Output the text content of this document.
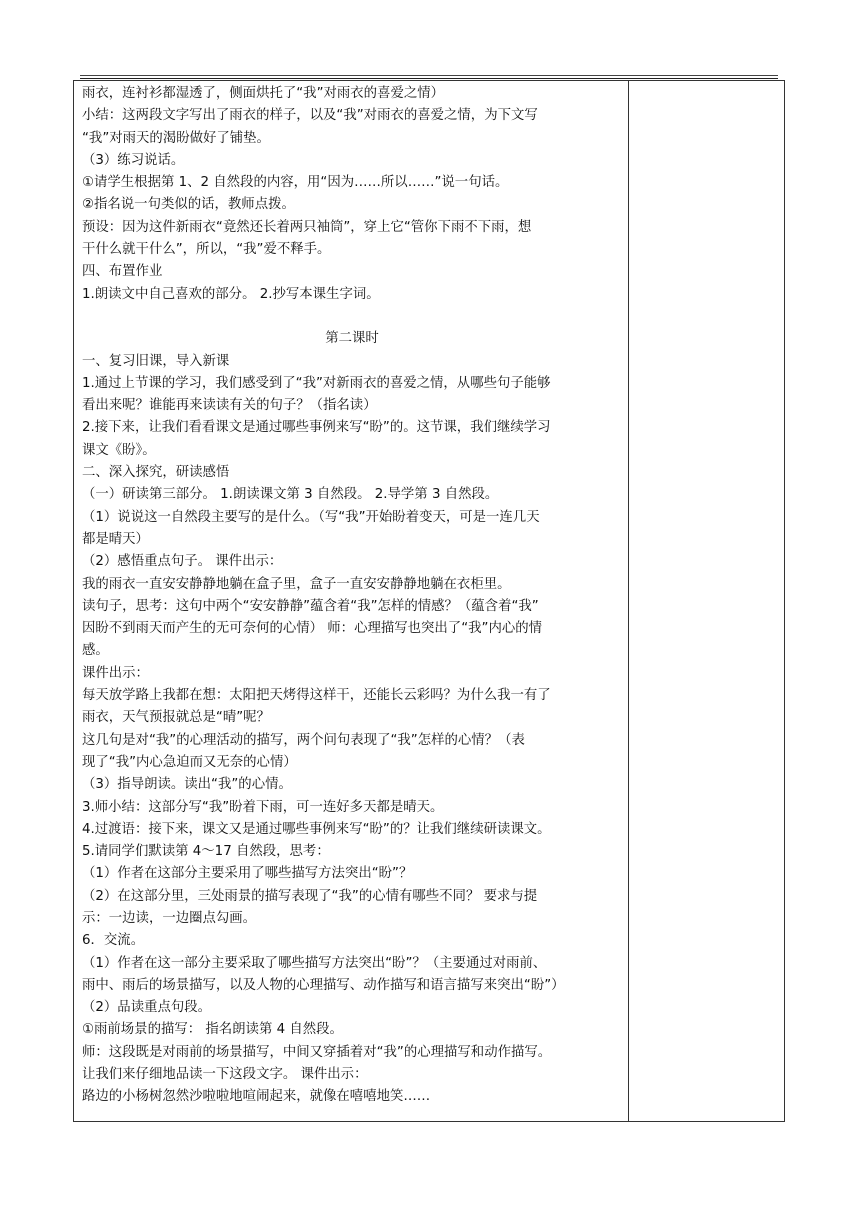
雨衣，连衬衫都湿透了，侧面烘托了“我”对雨衣的喜爱之情）

小结：这两段文字写出了雨衣的样子，以及“我”对雨衣的喜爱之情，为下文写

“我”对雨天的渴盼做好了铺垫。

（3）练习说话。

①请学生根据第 1、2 自然段的内容，用“因为……所以……”说一句话。

②指名说一句类似的话，教师点拨。

预设：因为这件新雨衣“竟然还长着两只袖筒”，穿上它“管你下雨不下雨，想

干什么就干什么”，所以，“我”爱不释手。

四、布置作业

1.朗读文中自己喜欢的部分。 2.抄写本课生字词。

第二课时

一、复习旧课，导入新课

1.通过上节课的学习，我们感受到了“我”对新雨衣的喜爱之情，从哪些句子能够

看出来呢？谁能再来读读有关的句子？（指名读）

2.接下来，让我们看看课文是通过哪些事例来写“盼”的。这节课，我们继续学习

课文《盼》。

二、深入探究，研读感悟

（一）研读第三部分。 1.朗读课文第 3 自然段。 2.导学第 3 自然段。

（1）说说这一自然段主要写的是什么。（写“我”开始盼着变天，可是一连几天

都是晴天）

（2）感悟重点句子。 课件出示：

我的雨衣一直安安静静地躺在盒子里，盒子一直安安静静地躺在衣柜里。

读句子，思考：这句中两个“安安静静”蕴含着“我”怎样的情感？（蕴含着“我”

因盼不到雨天而产生的无可奈何的心情） 师：心理描写也突出了“我”内心的情

感。

课件出示：

每天放学路上我都在想：太阳把天烤得这样干，还能长云彩吗？为什么我一有了

雨衣，天气预报就总是“晴”呢？

这几句是对“我”的心理活动的描写，两个问句表现了“我”怎样的心情？（表

现了“我”内心急迫而又无奈的心情）

（3）指导朗读。读出“我”的心情。

3.师小结：这部分写“我”盼着下雨，可一连好多天都是晴天。

4.过渡语：接下来，课文又是通过哪些事例来写“盼”的？让我们继续研读课文。

5.请同学们默读第 4～17 自然段，思考：

（1）作者在这部分主要采用了哪些描写方法突出“盼”？

（2）在这部分里，三处雨景的描写表现了“我”的心情有哪些不同？ 要求与提

示：一边读，一边圈点勾画。

6．交流。

（1）作者在这一部分主要采取了哪些描写方法突出“盼”？（主要通过对雨前、

雨中、雨后的场景描写，以及人物的心理描写、动作描写和语言描写来突出“盼”）

（2）品读重点句段。

①雨前场景的描写： 指名朗读第 4 自然段。

师：这段既是对雨前的场景描写，中间又穿插着对“我”的心理描写和动作描写。

让我们来仔细地品读一下这段文字。 课件出示：

路边的小杨树忽然沙啦啦地喧闹起来，就像在嘻嘻地笑……
